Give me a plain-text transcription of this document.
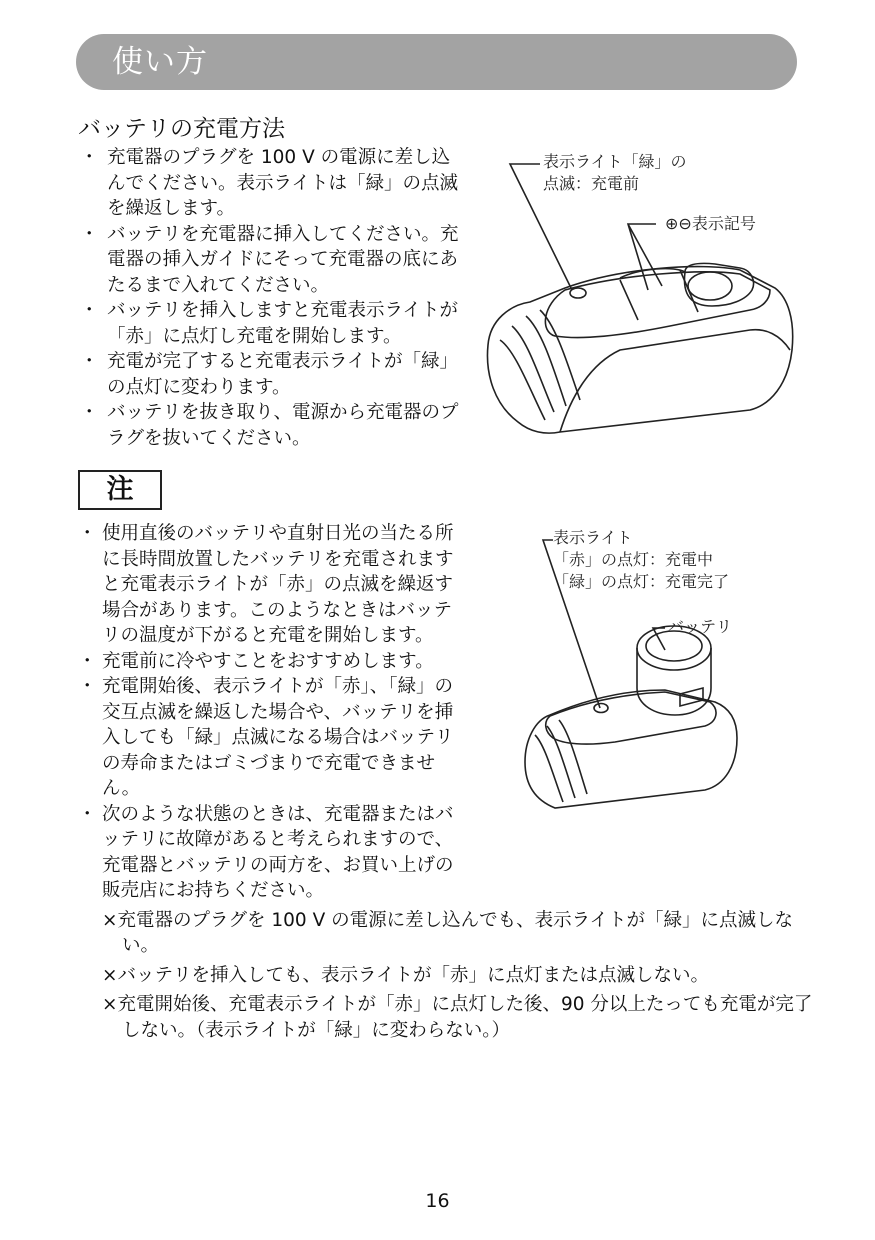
使い方
バッテリの充電方法
・ 充電器のプラグを 100 V の電源に差し込んでください。表示ライトは「緑」の点滅を繰返します。
・ バッテリを充電器に挿入してください。充電器の挿入ガイドにそって充電器の底にあたるまで入れてください。
・ バッテリを挿入しますと充電表示ライトが「赤」に点灯し充電を開始します。
・ 充電が完了すると充電表示ライトが「緑」の点灯に変わります。
・ バッテリを抜き取り、電源から充電器のプラグを抜いてください。
表示ライト「緑」の
点滅：充電前
⊕⊖表示記号
注
・ 使用直後のバッテリや直射日光の当たる所に長時間放置したバッテリを充電されますと充電表示ライトが「赤」の点滅を繰返す場合があります。このようなときはバッテリの温度が下がると充電を開始します。
・ 充電前に冷やすことをおすすめします。
・ 充電開始後、表示ライトが「赤」、「緑」の交互点滅を繰返した場合や、バッテリを挿入しても「緑」点滅になる場合はバッテリの寿命またはゴミづまりで充電できません。
・ 次のような状態のときは、充電器またはバッテリに故障があると考えられますので、充電器とバッテリの両方を、お買い上げの販売店にお持ちください。
×充電器のプラグを 100 V の電源に差し込んでも、表示ライトが「緑」に点滅しない。
×バッテリを挿入しても、表示ライトが「赤」に点灯または点滅しない。
×充電開始後、充電表示ライトが「赤」に点灯した後、90 分以上たっても充電が完了しない。（表示ライトが「緑」に変わらない。）
表示ライト
「赤」の点灯：充電中
「緑」の点灯：充電完了
バッテリ
16
